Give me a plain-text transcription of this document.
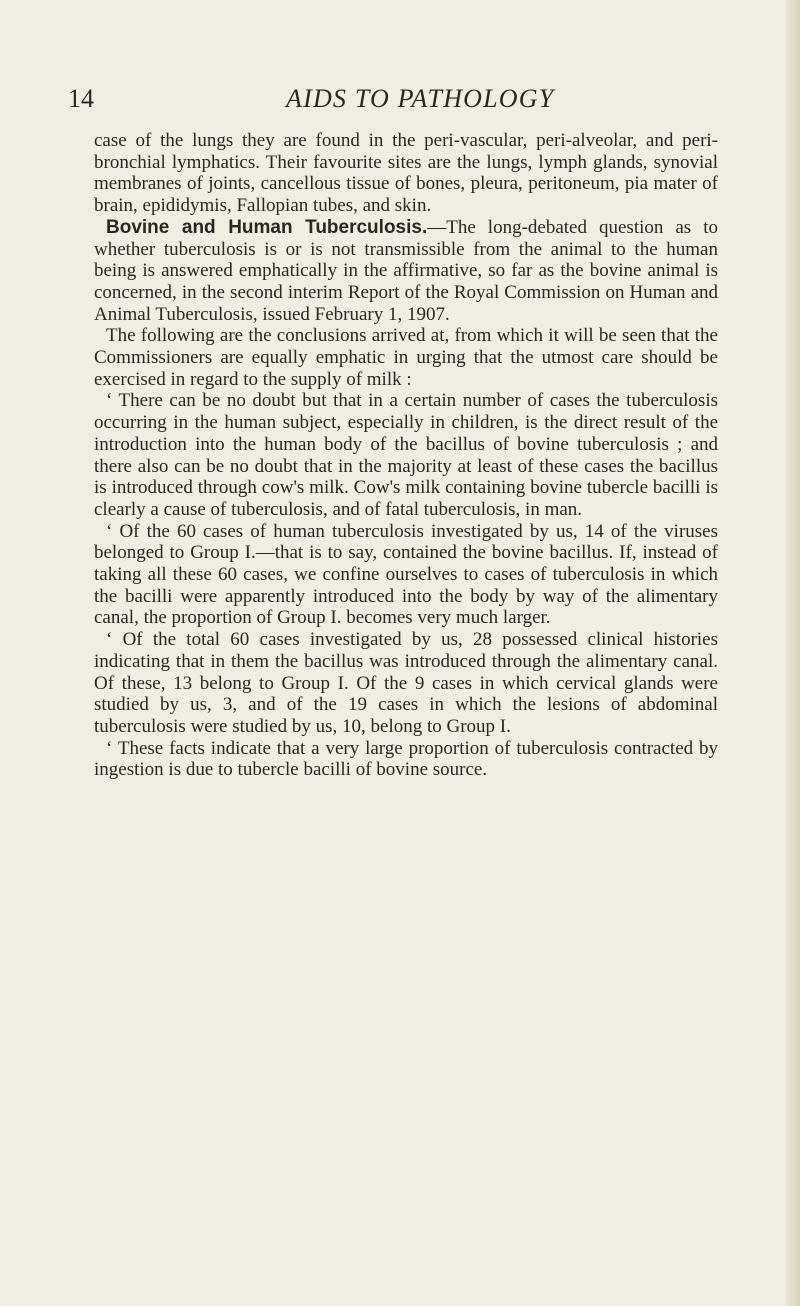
14	AIDS TO PATHOLOGY

case of the lungs they are found in the peri-vascular, peri-alveolar, and peri-bronchial lymphatics. Their favourite sites are the lungs, lymph glands, synovial membranes of joints, cancellous tissue of bones, pleura, peritoneum, pia mater of brain, epididymis, Fallopian tubes, and skin.

Bovine and Human Tuberculosis.—The long-debated question as to whether tuberculosis is or is not transmissible from the animal to the human being is answered emphatically in the affirmative, so far as the bovine animal is concerned, in the second interim Report of the Royal Commission on Human and Animal Tuberculosis, issued February 1, 1907.

The following are the conclusions arrived at, from which it will be seen that the Commissioners are equally emphatic in urging that the utmost care should be exercised in regard to the supply of milk :

‘ There can be no doubt but that in a certain number of cases the tuberculosis occurring in the human subject, especially in children, is the direct result of the introduction into the human body of the bacillus of bovine tuberculosis ; and there also can be no doubt that in the majority at least of these cases the bacillus is introduced through cow's milk. Cow's milk containing bovine tubercle bacilli is clearly a cause of tuberculosis, and of fatal tuberculosis, in man.

‘ Of the 60 cases of human tuberculosis investigated by us, 14 of the viruses belonged to Group I.—that is to say, contained the bovine bacillus. If, instead of taking all these 60 cases, we confine ourselves to cases of tuberculosis in which the bacilli were apparently introduced into the body by way of the alimentary canal, the proportion of Group I. becomes very much larger.

‘ Of the total 60 cases investigated by us, 28 possessed clinical histories indicating that in them the bacillus was introduced through the alimentary canal. Of these, 13 belong to Group I. Of the 9 cases in which cervical glands were studied by us, 3, and of the 19 cases in which the lesions of abdominal tuberculosis were studied by us, 10, belong to Group I.

‘ These facts indicate that a very large proportion of tuberculosis contracted by ingestion is due to tubercle bacilli of bovine source.
